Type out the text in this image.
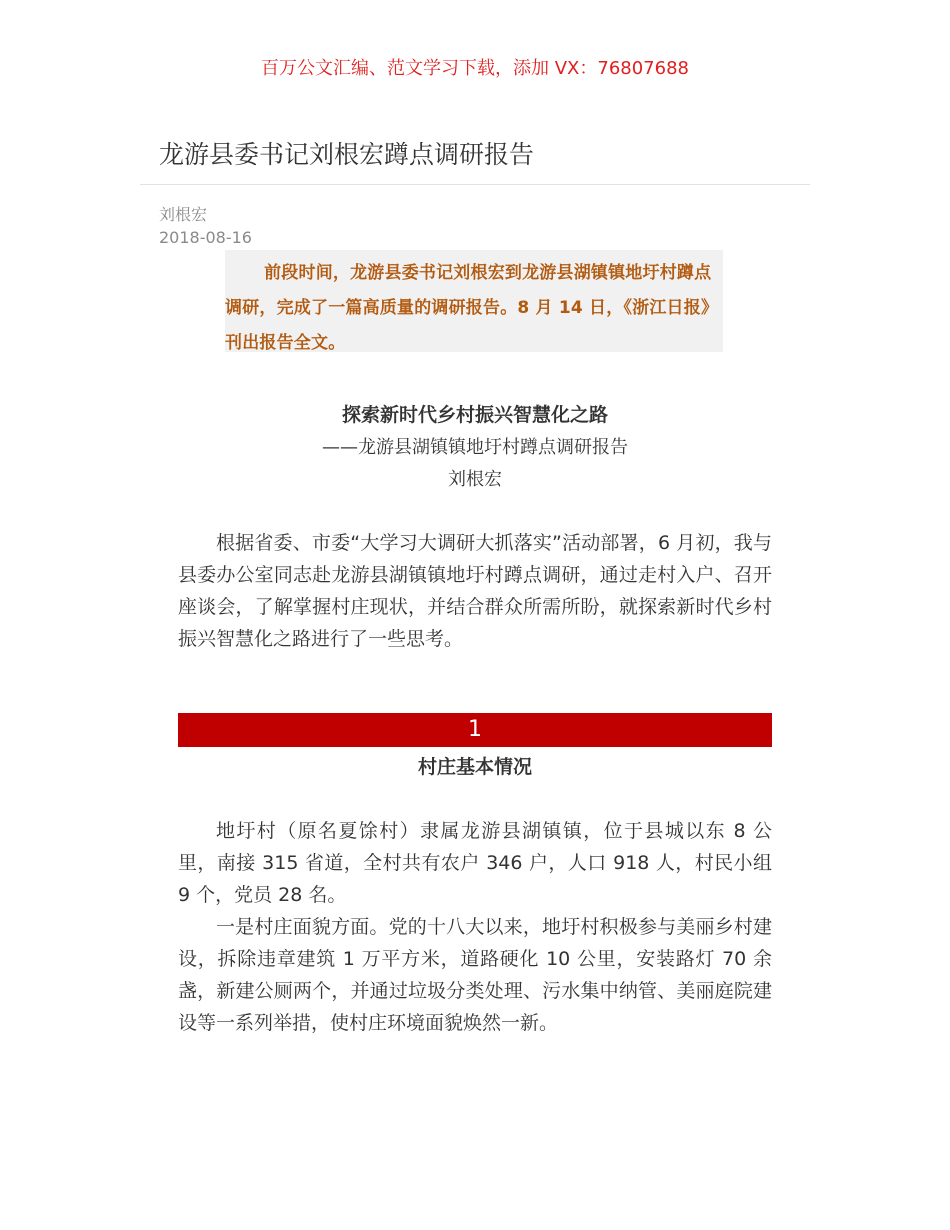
百万公文汇编、范文学习下载，添加 VX：76807688
龙游县委书记刘根宏蹲点调研报告
刘根宏
2018-08-16

前段时间，龙游县委书记刘根宏到龙游县湖镇镇地圩村蹲点调研，完成了一篇高质量的调研报告。8 月 14 日，《浙江日报》刊出报告全文。

探索新时代乡村振兴智慧化之路
——龙游县湖镇镇地圩村蹲点调研报告
刘根宏

根据省委、市委“大学习大调研大抓落实”活动部署，6 月初，我与县委办公室同志赴龙游县湖镇镇地圩村蹲点调研，通过走村入户、召开座谈会，了解掌握村庄现状，并结合群众所需所盼，就探索新时代乡村振兴智慧化之路进行了一些思考。

1
村庄基本情况

地圩村（原名夏馀村）隶属龙游县湖镇镇，位于县城以东 8 公里，南接 315 省道，全村共有农户 346 户，人口 918 人，村民小组 9 个，党员 28 名。

一是村庄面貌方面。党的十八大以来，地圩村积极参与美丽乡村建设，拆除违章建筑 1 万平方米，道路硬化 10 公里，安装路灯 70 余盏，新建公厕两个，并通过垃圾分类处理、污水集中纳管、美丽庭院建设等一系列举措，使村庄环境面貌焕然一新。
